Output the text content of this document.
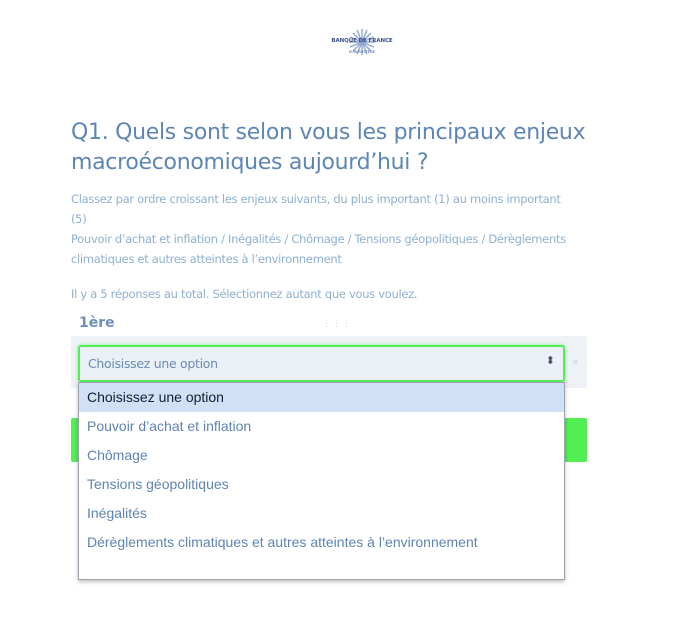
BANQUE DE FRANCE
EUROSYSTÈME
Q1. Quels sont selon vous les principaux enjeux macroéconomiques aujourd’hui ?
Classez par ordre croissant les enjeux suivants, du plus important (1) au moins important (5)
Pouvoir d’achat et inflation / Inégalités / Chômage / Tensions géopolitiques / Dérèglements climatiques et autres atteintes à l’environnement
Il y a 5 réponses au total. Sélectionnez autant que vous voulez.
1ère	⋮⋮⋮
Choisissez une option	⬍ ×
Choisissez une option
Pouvoir d’achat et inflation
Chômage
Tensions géopolitiques
Inégalités
Dérèglements climatiques et autres atteintes à l’environnement
